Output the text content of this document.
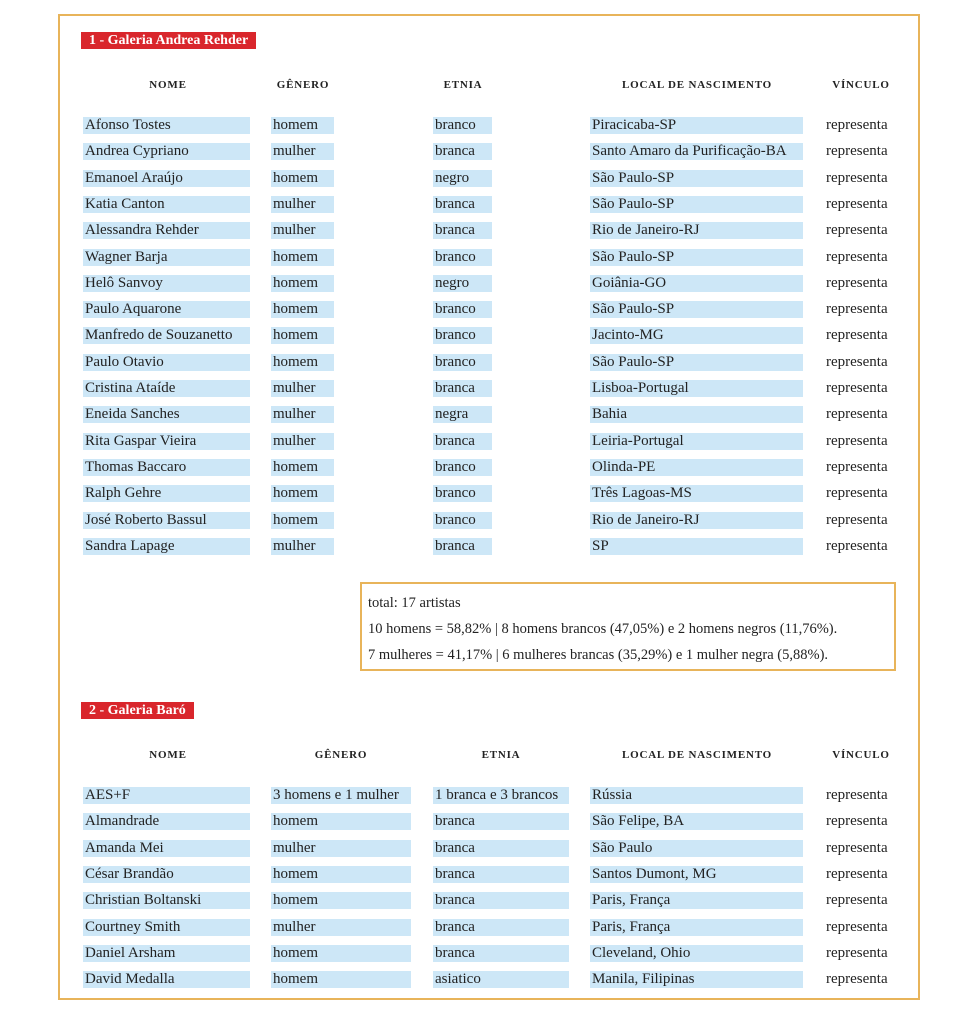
1 - Galeria Andrea Rehder
NOME	GÊNERO	ETNIA	LOCAL DE NASCIMENTO	VÍNCULO
Afonso Tostes	homem	branco	Piracicaba-SP	representa
Andrea Cypriano	mulher	branca	Santo Amaro da Purificação-BA	representa
Emanoel Araújo	homem	negro	São Paulo-SP	representa
Katia Canton	mulher	branca	São Paulo-SP	representa
Alessandra Rehder	mulher	branca	Rio de Janeiro-RJ	representa
Wagner Barja	homem	branco	São Paulo-SP	representa
Helô Sanvoy	homem	negro	Goiânia-GO	representa
Paulo Aquarone	homem	branco	São Paulo-SP	representa
Manfredo de Souzanetto	homem	branco	Jacinto-MG	representa
Paulo Otavio	homem	branco	São Paulo-SP	representa
Cristina Ataíde	mulher	branca	Lisboa-Portugal	representa
Eneida Sanches	mulher	negra	Bahia	representa
Rita Gaspar Vieira	mulher	branca	Leiria-Portugal	representa
Thomas Baccaro	homem	branco	Olinda-PE	representa
Ralph Gehre	homem	branco	Três Lagoas-MS	representa
José Roberto Bassul	homem	branco	Rio de Janeiro-RJ	representa
Sandra Lapage	mulher	branca	SP	representa
total: 17 artistas
10 homens = 58,82% | 8 homens brancos (47,05%) e 2 homens negros (11,76%).
7 mulheres = 41,17% | 6 mulheres brancas (35,29%) e 1 mulher negra (5,88%).
2 - Galeria Baró
NOME	GÊNERO	ETNIA	LOCAL DE NASCIMENTO	VÍNCULO
AES+F	3 homens e 1 mulher	1 branca e 3 brancos	Rússia	representa
Almandrade	homem	branca	São Felipe, BA	representa
Amanda Mei	mulher	branca	São Paulo	representa
César Brandão	homem	branca	Santos Dumont, MG	representa
Christian Boltanski	homem	branca	Paris, França	representa
Courtney Smith	mulher	branca	Paris, França	representa
Daniel Arsham	homem	branca	Cleveland, Ohio	representa
David Medalla	homem	asiatico	Manila, Filipinas	representa
